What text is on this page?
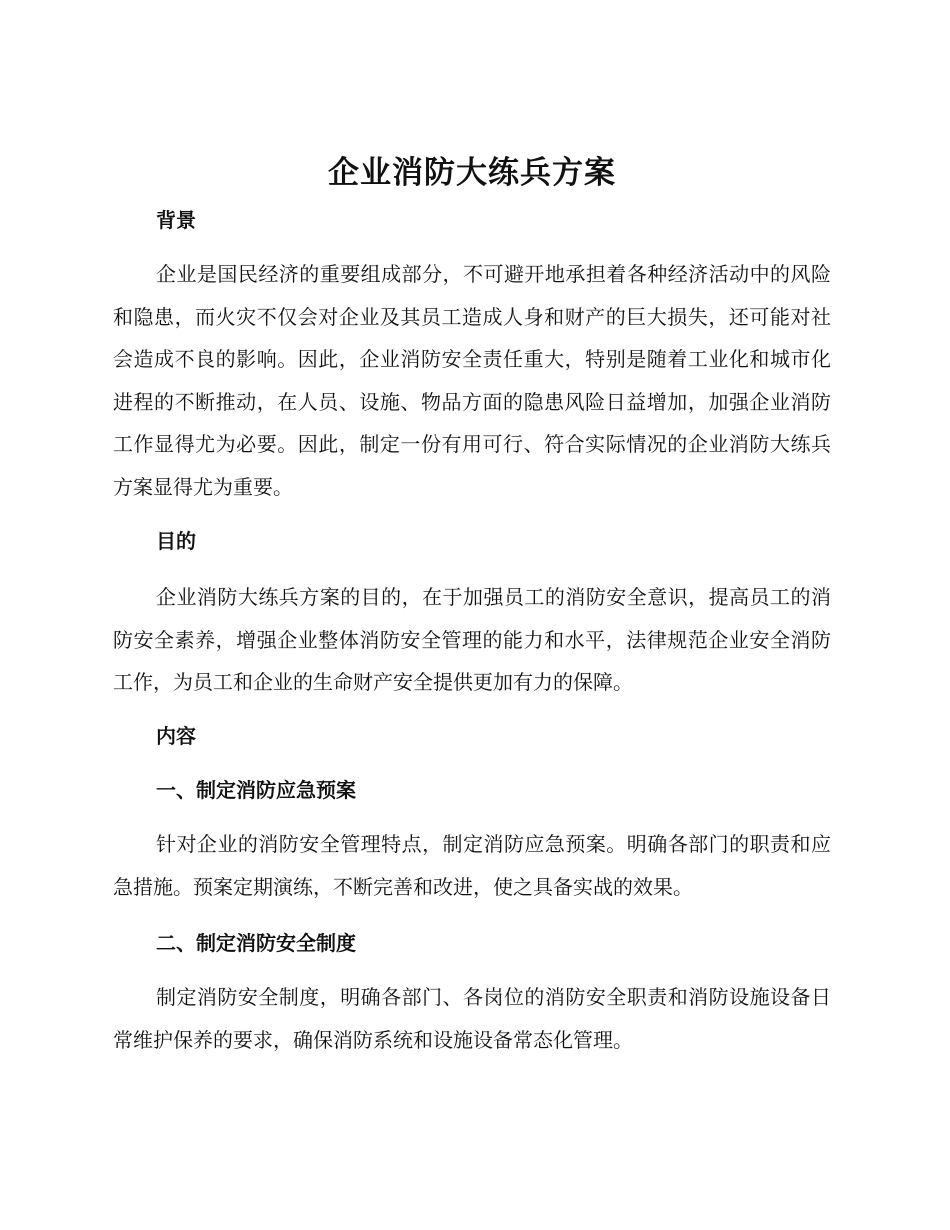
企业消防大练兵方案
背景

企业是国民经济的重要组成部分，不可避开地承担着各种经济活动中的风险和隐患，而火灾不仅会对企业及其员工造成人身和财产的巨大损失，还可能对社会造成不良的影响。因此，企业消防安全责任重大，特别是随着工业化和城市化进程的不断推动，在人员、设施、物品方面的隐患风险日益增加，加强企业消防工作显得尤为必要。因此，制定一份有用可行、符合实际情况的企业消防大练兵方案显得尤为重要。

目的

企业消防大练兵方案的目的，在于加强员工的消防安全意识，提高员工的消防安全素养，增强企业整体消防安全管理的能力和水平，法律规范企业安全消防工作，为员工和企业的生命财产安全提供更加有力的保障。

内容
一、制定消防应急预案

针对企业的消防安全管理特点，制定消防应急预案。明确各部门的职责和应急措施。预案定期演练，不断完善和改进，使之具备实战的效果。

二、制定消防安全制度

制定消防安全制度，明确各部门、各岗位的消防安全职责和消防设施设备日常维护保养的要求，确保消防系统和设施设备常态化管理。
